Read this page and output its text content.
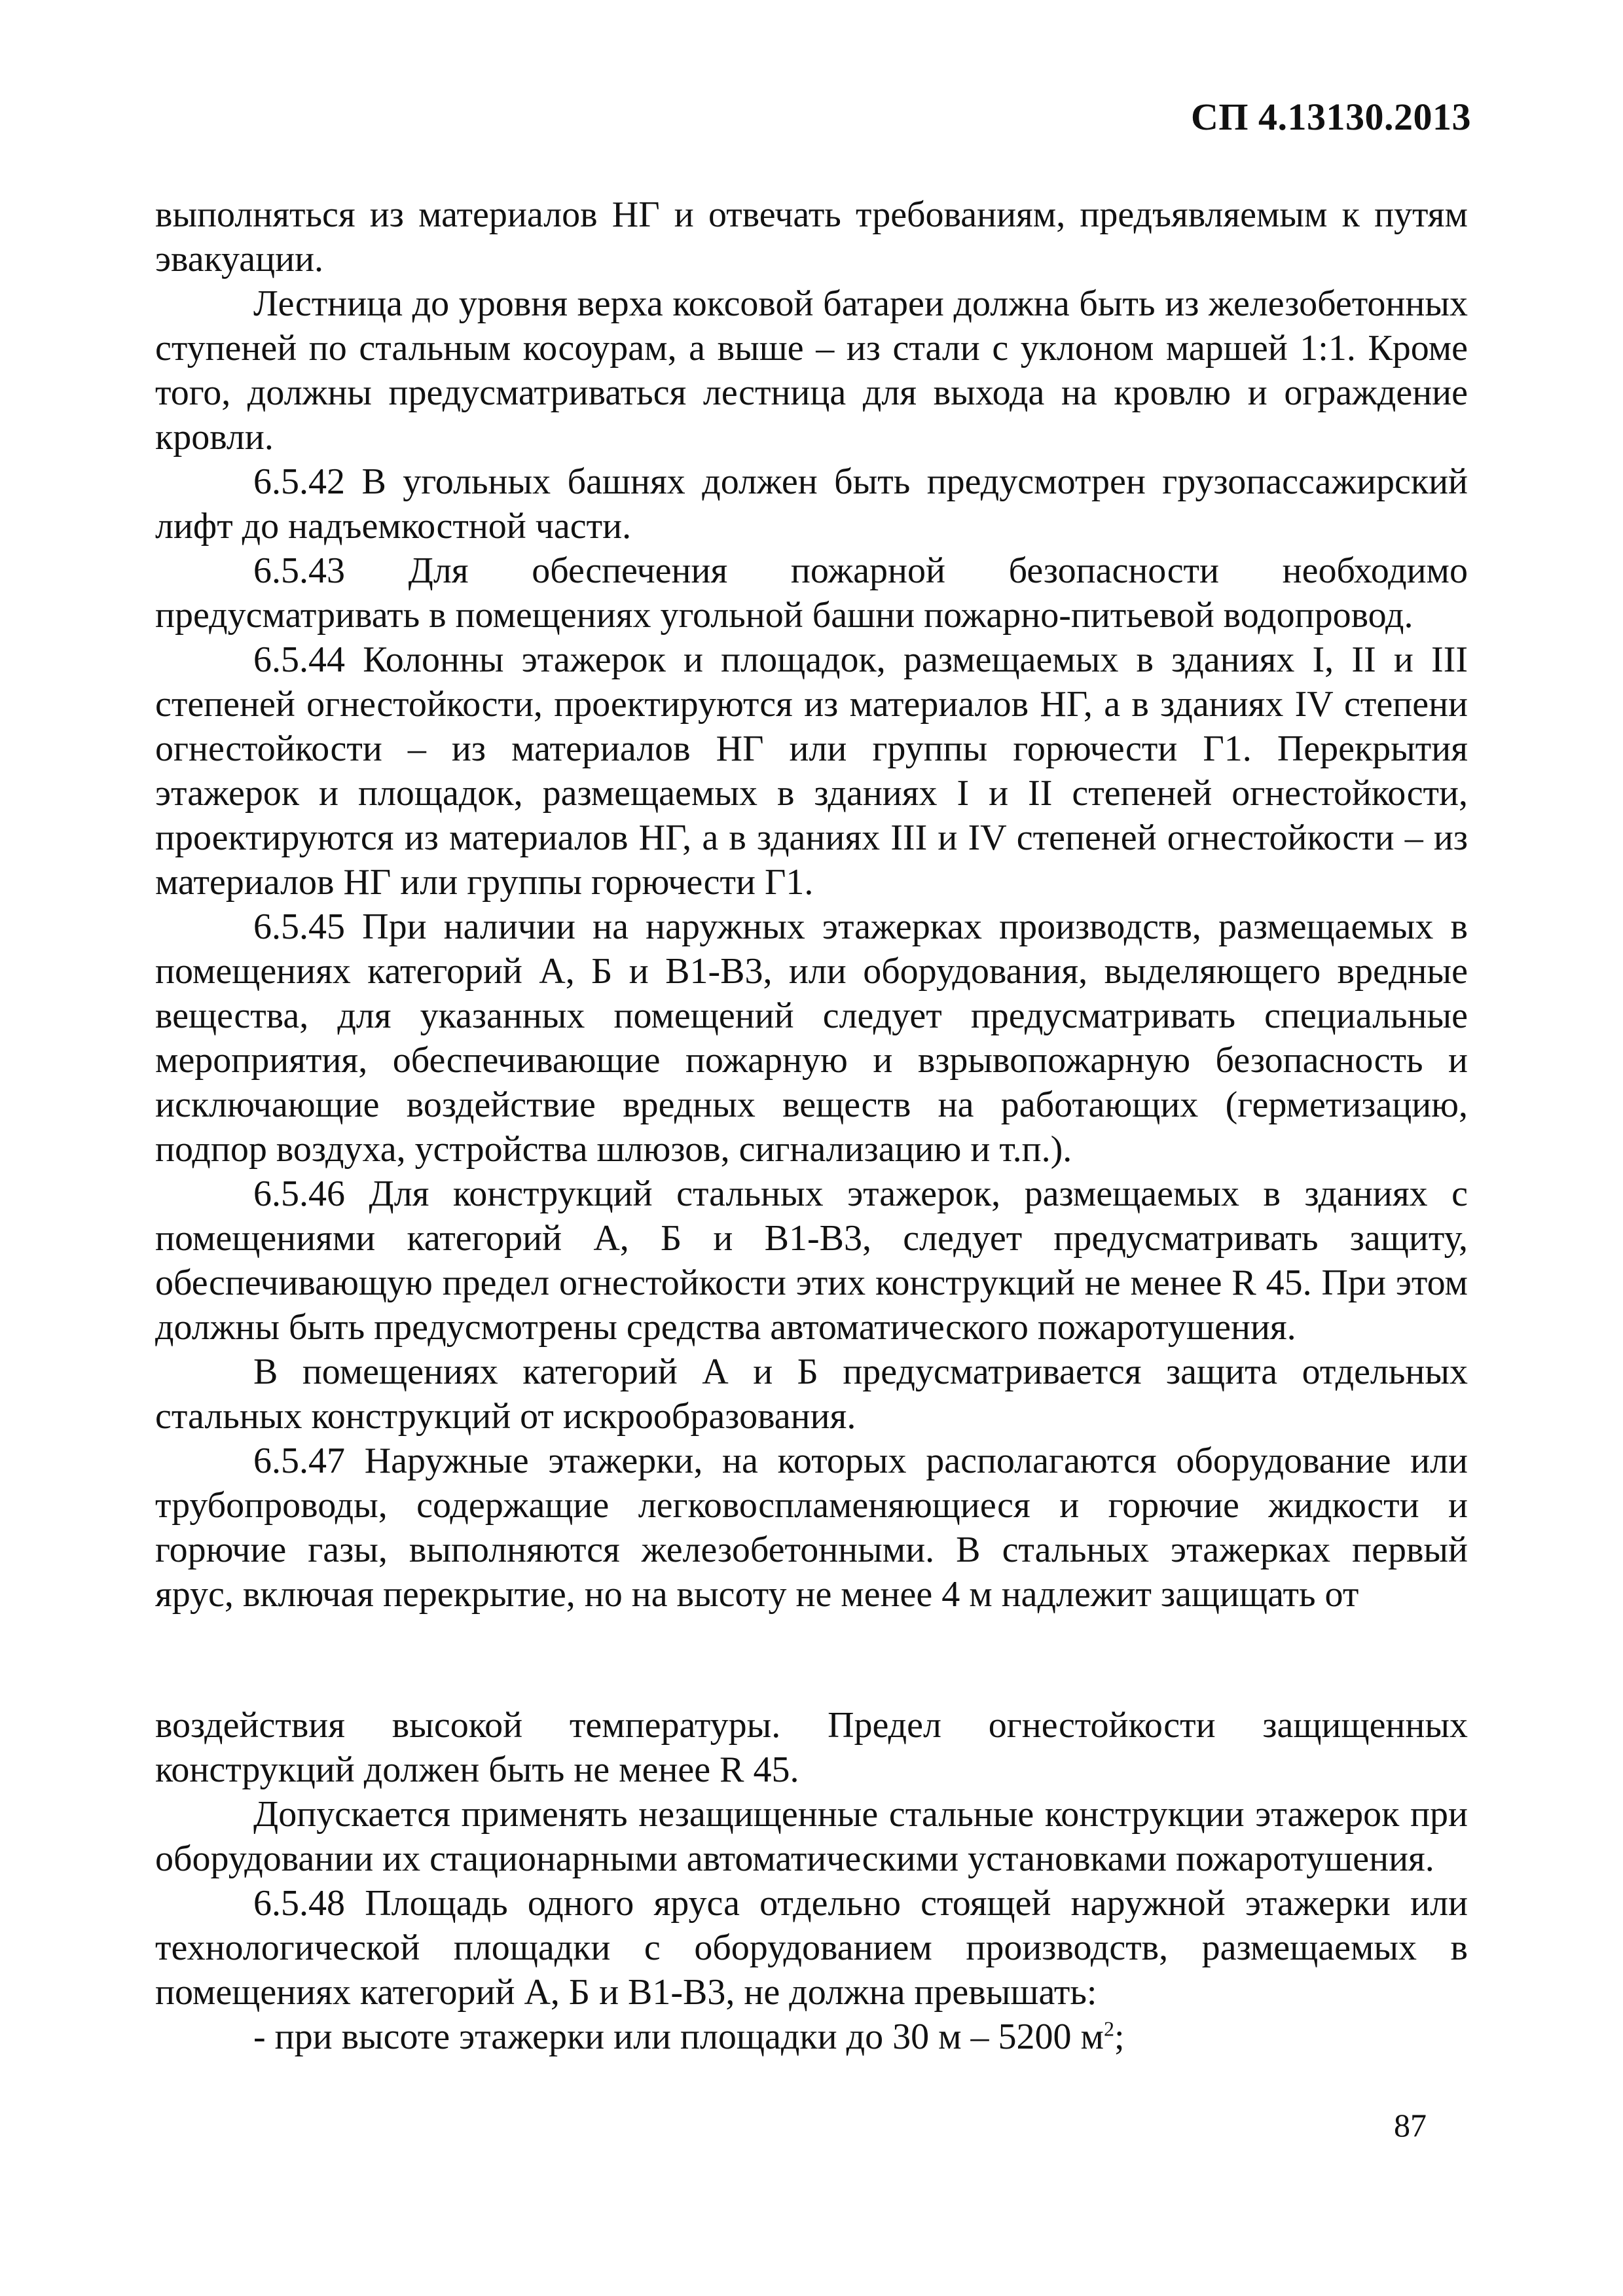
СП 4.13130.2013

выполняться из материалов НГ и отвечать требованиям, предъявляемым к путям эвакуации.

Лестница до уровня верха коксовой батареи должна быть из железобетонных ступеней по стальным косоурам, а выше – из стали с уклоном маршей 1:1. Кроме того, должны предусматриваться лестница для выхода на кровлю и ограждение кровли.

6.5.42 В угольных башнях должен быть предусмотрен грузопассажирский лифт до надъемкостной части.

6.5.43 Для обеспечения пожарной безопасности необходимо предусматривать в помещениях угольной башни пожарно-питьевой водопровод.

6.5.44 Колонны этажерок и площадок, размещаемых в зданиях I, II и III степеней огнестойкости, проектируются из материалов НГ, а в зданиях IV степени огнестойкости – из материалов НГ или группы горючести Г1. Перекрытия этажерок и площадок, размещаемых в зданиях I и II степеней огнестойкости, проектируются из материалов НГ, а в зданиях III и IV степеней огнестойкости – из материалов НГ или группы горючести Г1.

6.5.45 При наличии на наружных этажерках производств, размещаемых в помещениях категорий А, Б и В1-В3, или оборудования, выделяющего вредные вещества, для указанных помещений следует предусматривать специальные мероприятия, обеспечивающие пожарную и взрывопожарную безопасность и исключающие воздействие вредных веществ на работающих (герметизацию, подпор воздуха, устройства шлюзов, сигнализацию и т.п.).

6.5.46 Для конструкций стальных этажерок, размещаемых в зданиях с помещениями категорий А, Б и В1-В3, следует предусматривать защиту, обеспечивающую предел огнестойкости этих конструкций не менее R 45. При этом должны быть предусмотрены средства автоматического пожаротушения.

В помещениях категорий А и Б предусматривается защита отдельных стальных конструкций от искрообразования.

6.5.47 Наружные этажерки, на которых располагаются оборудование или трубопроводы, содержащие легковоспламеняющиеся и горючие жидкости и горючие газы, выполняются железобетонными. В стальных этажерках первый ярус, включая перекрытие, но на высоту не менее 4 м надлежит защищать от

воздействия высокой температуры. Предел огнестойкости защищенных конструкций должен быть не менее R 45.

Допускается применять незащищенные стальные конструкции этажерок при оборудовании их стационарными автоматическими установками пожаротушения.

6.5.48 Площадь одного яруса отдельно стоящей наружной этажерки или технологической площадки с оборудованием производств, размещаемых в помещениях категорий А, Б и В1-В3, не должна превышать:

- при высоте этажерки или площадки до 30 м – 5200 $м^2$;

87
